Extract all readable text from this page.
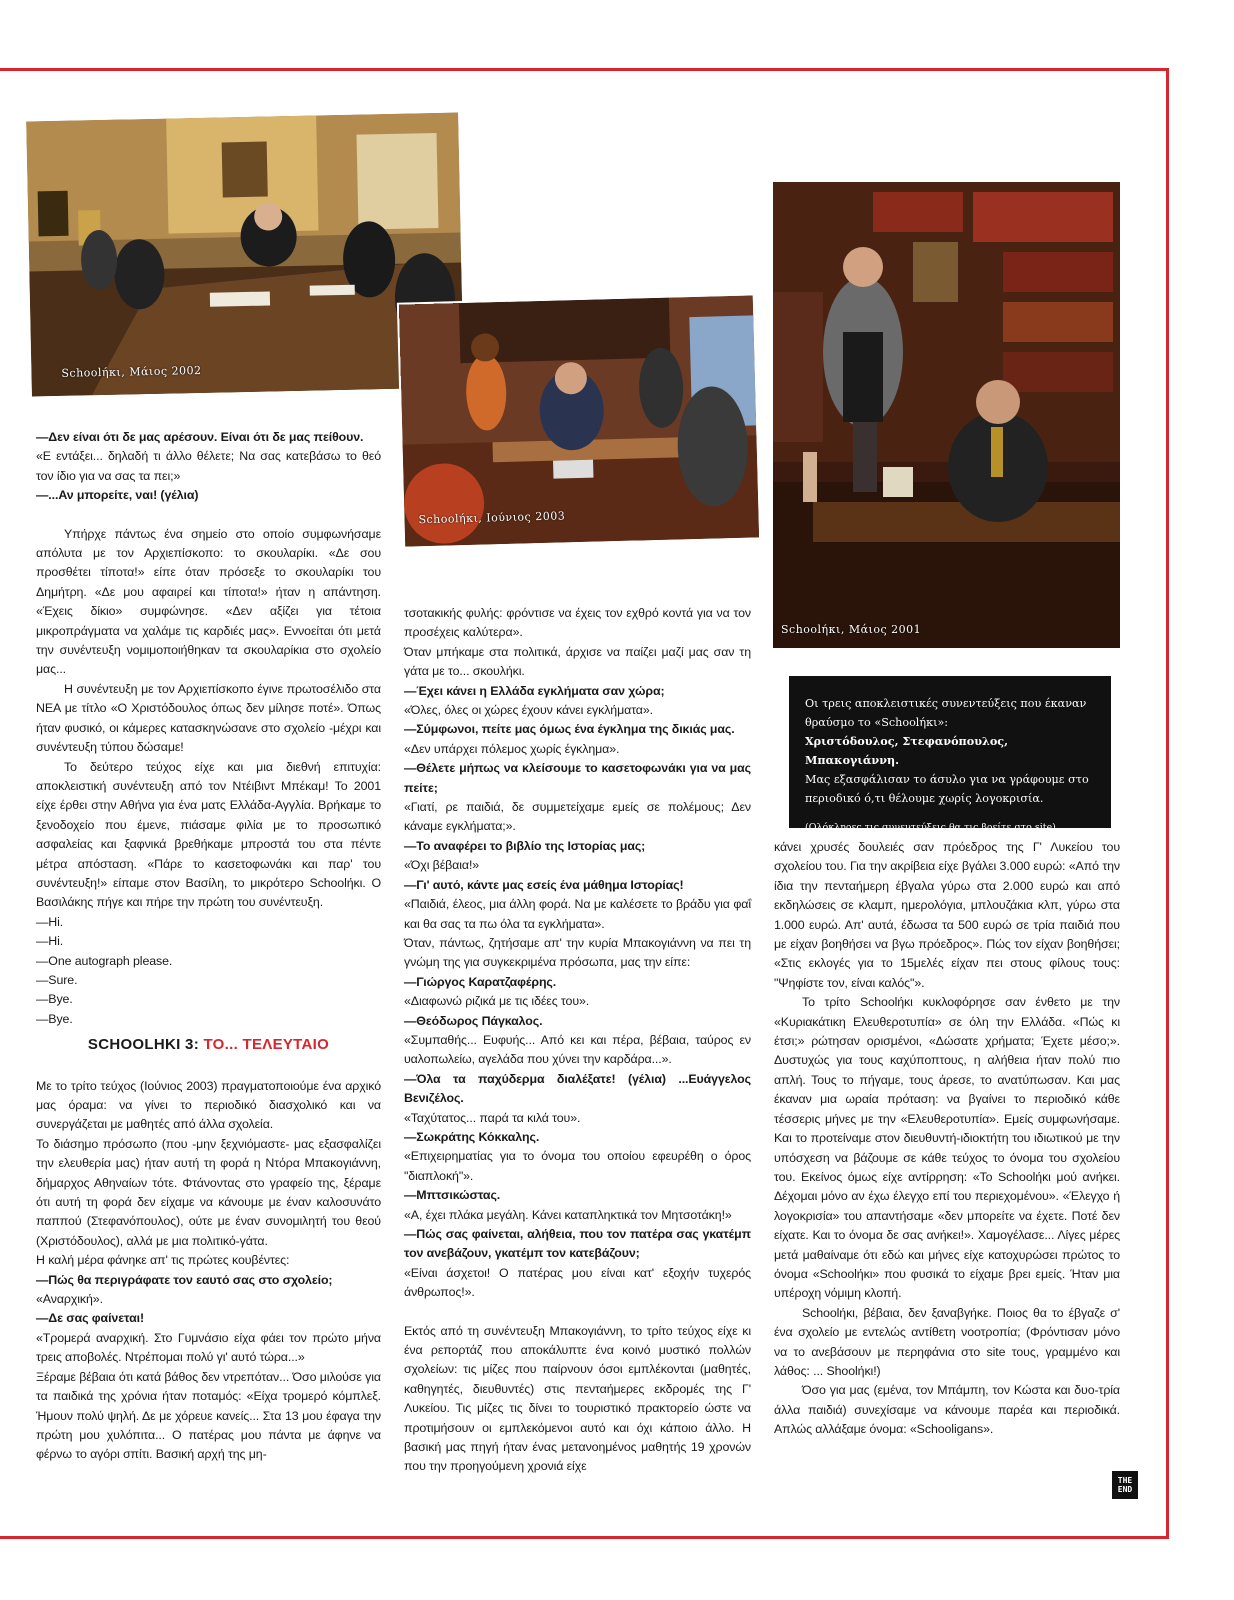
Schoolήκι, Μάιος 2002
Schoolήκι, Ιούνιος 2003
Schoolήκι, Μάιος 2001

Οι τρεις αποκλειστικές συνεντεύξεις που έκαναν θραύσμο το «Schoolήκι»:

Χριστόδουλος, Στεφανόπουλος, Μπακογιάννη.

Μας εξασφάλισαν το άσυλο για να γράφουμε στο περιοδικό ό,τι θέλουμε χωρίς λογοκρισία.

(Ολόκληρες τις συνεντεύξεις θα τις βρείτε στο site)

—Δεν είναι ότι δε μας αρέσουν. Είναι ότι δε μας πείθουν.

«Ε εντάξει... δηλαδή τι άλλο θέλετε; Να σας κατεβάσω το θεό τον ίδιο για να σας τα πει;»

—...Αν μπορείτε, ναι! (γέλια)

Υπήρχε πάντως ένα σημείο στο οποίο συμφωνήσαμε απόλυτα με τον Αρχιεπίσκοπο: το σκουλαρίκι. «Δε σου προσθέτει τίποτα!» είπε όταν πρόσεξε το σκουλαρίκι του Δημήτρη. «Δε μου αφαιρεί και τίποτα!» ήταν η απάντηση. «Έχεις δίκιο» συμφώνησε. «Δεν αξίζει για τέτοια μικροπράγματα να χαλάμε τις καρδιές μας». Εννοείται ότι μετά την συνέντευξη νομιμοποιήθηκαν τα σκουλαρίκια στο σχολείο μας...

Η συνέντευξη με τον Αρχιεπίσκοπο έγινε πρωτοσέλιδο στα ΝΕΑ με τίτλο «Ο Χριστόδουλος όπως δεν μίλησε ποτέ». Όπως ήταν φυσικό, οι κάμερες κατασκηνώσανε στο σχολείο -μέχρι και συνέντευξη τύπου δώσαμε!

Το δεύτερο τεύχος είχε και μια διεθνή επιτυχία: αποκλειστική συνέντευξη από τον Ντέιβιντ Μπέκαμ! Το 2001 είχε έρθει στην Αθήνα για ένα ματς Ελλάδα-Αγγλία. Βρήκαμε το ξενοδοχείο που έμενε, πιάσαμε φιλία με το προσωπικό ασφαλείας και ξαφνικά βρεθήκαμε μπροστά του στα πέντε μέτρα απόσταση. «Πάρε το κασετοφωνάκι και παρ' του συνέντευξη!» είπαμε στον Βασίλη, το μικρότερο Schoolήκι. Ο Βασιλάκης πήγε και πήρε την πρώτη του συνέντευξη.

—Hi.

—Hi.

—One autograph please.

—Sure.

—Bye.

—Bye.

SCHOOLHKI 3: ΤΟ... ΤΕΛΕΥΤΑΙΟ

Με το τρίτο τεύχος (Ιούνιος 2003) πραγματοποιούμε ένα αρχικό μας όραμα: να γίνει το περιοδικό διασχολικό και να συνεργάζεται με μαθητές από άλλα σχολεία.

Το διάσημο πρόσωπο (που -μην ξεχνιόμαστε- μας εξασφαλίζει την ελευθερία μας) ήταν αυτή τη φορά η Ντόρα Μπακογιάννη, δήμαρχος Αθηναίων τότε. Φτάνοντας στο γραφείο της, ξέραμε ότι αυτή τη φορά δεν είχαμε να κάνουμε με έναν καλοσυνάτο παππού (Στεφανόπουλος), ούτε με έναν συνομιλητή του θεού (Χριστόδουλος), αλλά με μια πολιτικό-γάτα.

Η καλή μέρα φάνηκε απ' τις πρώτες κουβέντες:

—Πώς θα περιγράφατε τον εαυτό σας στο σχολείο;

«Αναρχική».

—Δε σας φαίνεται!

«Τρομερά αναρχική. Στο Γυμνάσιο είχα φάει τον πρώτο μήνα τρεις αποβολές. Ντρέπομαι πολύ γι' αυτό τώρα...»

Ξέραμε βέβαια ότι κατά βάθος δεν ντρεπόταν... Όσο μιλούσε για τα παιδικά της χρόνια ήταν ποταμός: «Είχα τρομερό κόμπλεξ. Ήμουν πολύ ψηλή. Δε με χόρευε κανείς... Στα 13 μου έφαγα την πρώτη μου χυλόπιτα... Ο πατέρας μου πάντα με άφηνε να φέρνω το αγόρι σπίτι. Βασική αρχή της μη-

τσοτακικής φυλής: φρόντισε να έχεις τον εχθρό κοντά για να τον προσέχεις καλύτερα».

Όταν μπήκαμε στα πολιτικά, άρχισε να παίζει μαζί μας σαν τη γάτα με το... σκουλήκι.

—Έχει κάνει η Ελλάδα εγκλήματα σαν χώρα;

«Όλες, όλες οι χώρες έχουν κάνει εγκλήματα».

—Σύμφωνοι, πείτε μας όμως ένα έγκλημα της δικιάς μας.

«Δεν υπάρχει πόλεμος χωρίς έγκλημα».

—Θέλετε μήπως να κλείσουμε το κασετοφωνάκι για να μας πείτε;

«Γιατί, ρε παιδιά, δε συμμετείχαμε εμείς σε πολέμους; Δεν κάναμε εγκλήματα;».

—Το αναφέρει το βιβλίο της Ιστορίας μας;

«Όχι βέβαια!»

—Γι' αυτό, κάντε μας εσείς ένα μάθημα Ιστορίας!

«Παιδιά, έλεος, μια άλλη φορά. Να με καλέσετε το βράδυ για φαΐ και θα σας τα πω όλα τα εγκλήματα».

Όταν, πάντως, ζητήσαμε απ' την κυρία Μπακογιάννη να πει τη γνώμη της για συγκεκριμένα πρόσωπα, μας την είπε:

—Γιώργος Καρατζαφέρης.

«Διαφωνώ ριζικά με τις ιδέες του».

—Θεόδωρος Πάγκαλος.

«Συμπαθής... Ευφυής... Από κει και πέρα, βέβαια, ταύρος εν υαλοπωλείω, αγελάδα που χύνει την καρδάρα...».

—Όλα τα παχύδερμα διαλέξατε! (γέλια) ...Ευάγγελος Βενιζέλος.

«Ταχύτατος... παρά τα κιλά του».

—Σωκράτης Κόκκαλης.

«Επιχειρηματίας για το όνομα του οποίου εφευρέθη ο όρος "διαπλοκή"».

—Μπτσικώστας.

«Α, έχει πλάκα μεγάλη. Κάνει καταπληκτικά τον Μητσοτάκη!»

—Πώς σας φαίνεται, αλήθεια, που τον πατέρα σας γκατέμπ τον ανεβάζουν, γκατέμπ τον κατεβάζουν;

«Είναι άσχετοι! Ο πατέρας μου είναι κατ' εξοχήν τυχερός άνθρωπος!».

Εκτός από τη συνέντευξη Μπακογιάννη, το τρίτο τεύχος είχε κι ένα ρεπορτάζ που αποκάλυπτε ένα κοινό μυστικό πολλών σχολείων: τις μίζες που παίρνουν όσοι εμπλέκονται (μαθητές, καθηγητές, διευθυντές) στις πενταήμερες εκδρομές της Γ' Λυκείου. Τις μίζες τις δίνει το τουριστικό πρακτορείο ώστε να προτιμήσουν οι εμπλεκόμενοι αυτό και όχι κάποιο άλλο. Η βασική μας πηγή ήταν ένας μετανοημένος μαθητής 19 χρονών που την προηγούμενη χρονιά είχε

κάνει χρυσές δουλειές σαν πρόεδρος της Γ' Λυκείου του σχολείου του. Για την ακρίβεια είχε βγάλει 3.000 ευρώ: «Από την ίδια την πενταήμερη έβγαλα γύρω στα 2.000 ευρώ και από εκδηλώσεις σε κλαμπ, ημερολόγια, μπλουζάκια κλπ, γύρω στα 1.000 ευρώ. Απ' αυτά, έδωσα τα 500 ευρώ σε τρία παιδιά που με είχαν βοηθήσει να βγω πρόεδρος». Πώς τον είχαν βοηθήσει; «Στις εκλογές για το 15μελές είχαν πει στους φίλους τους: "Ψηφίστε τον, είναι καλός"».

Το τρίτο Schoolήκι κυκλοφόρησε σαν ένθετο με την «Κυριακάτικη Ελευθεροτυπία» σε όλη την Ελλάδα. «Πώς κι έτσι;» ρώτησαν ορισμένοι, «Δώσατε χρήματα; Έχετε μέσο;». Δυστυχώς για τους καχύποπτους, η αλήθεια ήταν πολύ πιο απλή. Τους το πήγαμε, τους άρεσε, το ανατύπωσαν. Και μας έκαναν μια ωραία πρόταση: να βγαίνει το περιοδικό κάθε τέσσερις μήνες με την «Ελευθεροτυπία». Εμείς συμφωνήσαμε. Και το προτείναμε στον διευθυντή-ιδιοκτήτη του ιδιωτικού με την υπόσχεση να βάζουμε σε κάθε τεύχος το όνομα του σχολείου του. Εκείνος όμως είχε αντίρρηση: «Το Schoolήκι μού ανήκει. Δέχομαι μόνο αν έχω έλεγχο επί του περιεχομένου». «Έλεγχο ή λογοκρισία» του απαντήσαμε «δεν μπορείτε να έχετε. Ποτέ δεν είχατε. Και το όνομα δε σας ανήκει!». Χαμογέλασε... Λίγες μέρες μετά μαθαίναμε ότι εδώ και μήνες είχε κατοχυρώσει πρώτος το όνομα «Schoolήκι» που φυσικά το είχαμε βρει εμείς. Ήταν μια υπέροχη νόμιμη κλοπή.

Schoolήκι, βέβαια, δεν ξαναβγήκε. Ποιος θα το έβγαζε σ' ένα σχολείο με εντελώς αντίθετη νοοτροπία; (Φρόντισαν μόνο να το ανεβάσουν με περηφάνια στο site τους, γραμμένο και λάθος: ... Shoolήκι!)

Όσο για μας (εμένα, τον Μπάμπη, τον Κώστα και δυο-τρία άλλα παιδιά) συνεχίσαμε να κάνουμε παρέα και περιοδικά. Απλώς αλλάξαμε όνομα: «Schooligans».

THE
END
